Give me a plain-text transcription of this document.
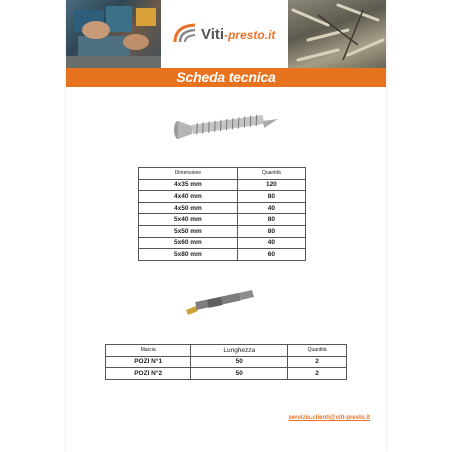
Viti-presto.it
Scheda tecnica
Dimensione	Quantità
4x35 mm	120
4x40 mm	80
4x50 mm	40
5x40 mm	80
5x50 mm	80
5x60 mm	40
5x80 mm	60
Marcia	Lunghezza	Quantità
POZI N°1	50	2
POZI N°2	50	2
servizio.clienti@viti-presto.it
